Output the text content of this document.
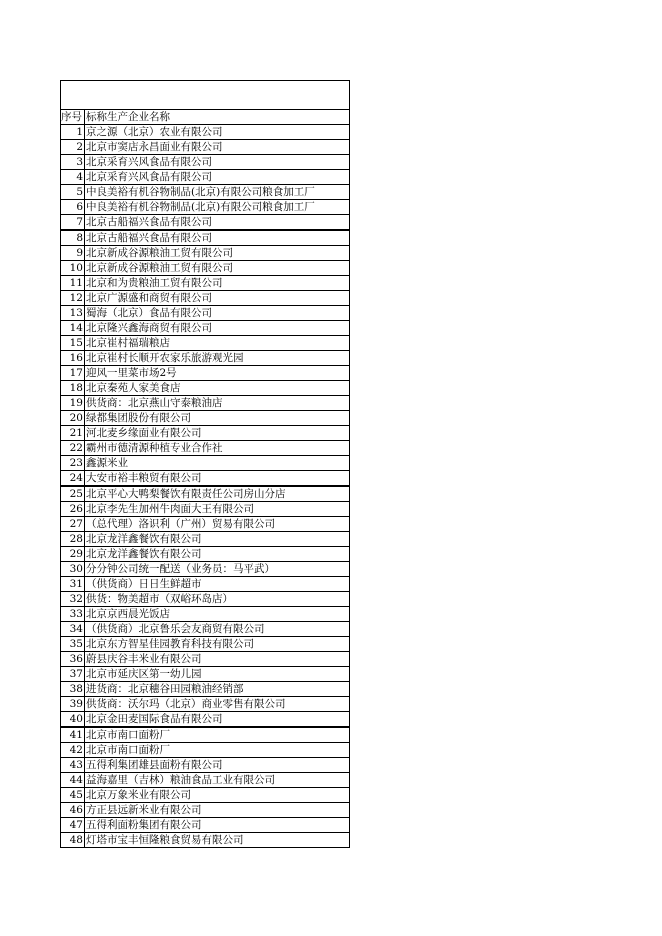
序号	标称生产企业名称
1	京之源（北京）农业有限公司
2	北京市窦店永昌面业有限公司
3	北京采育兴风食品有限公司
4	北京采育兴风食品有限公司
5	中良美裕有机谷物制品(北京)有限公司粮食加工厂
6	中良美裕有机谷物制品(北京)有限公司粮食加工厂
7	北京古船福兴食品有限公司
8	北京古船福兴食品有限公司
9	北京新成谷源粮油工贸有限公司
10	北京新成谷源粮油工贸有限公司
11	北京和为贵粮油工贸有限公司
12	北京广源盛和商贸有限公司
13	蜀海（北京）食品有限公司
14	北京隆兴鑫海商贸有限公司
15	北京崔村福瑞粮店
16	北京崔村长顺开农家乐旅游观光园
17	迎风一里菜市场2号
18	北京秦苑人家美食店
19	供货商：北京燕山守泰粮油店
20	绿都集团股份有限公司
21	河北麦乡缘面业有限公司
22	霸州市德清源种植专业合作社
23	鑫源米业
24	大安市裕丰粮贸有限公司
25	北京平心大鸭梨餐饮有限责任公司房山分店
26	北京李先生加州牛肉面大王有限公司
27	（总代理）洛识利（广州）贸易有限公司
28	北京龙洋鑫餐饮有限公司
29	北京龙洋鑫餐饮有限公司
30	分分钟公司统一配送（业务员：马平武）
31	（供货商）日日生鲜超市
32	供货：物美超市（双峪环岛店）
33	北京京西晨光饭店
34	（供货商）北京鲁乐会友商贸有限公司
35	北京东方智星佳园教育科技有限公司
36	蔚县庆谷丰米业有限公司
37	北京市延庆区第一幼儿园
38	进货商：北京穗谷田园粮油经销部
39	供货商：沃尔玛（北京）商业零售有限公司
40	北京金田麦国际食品有限公司
41	北京市南口面粉厂
42	北京市南口面粉厂
43	五得利集团雄县面粉有限公司
44	益海嘉里（吉林）粮油食品工业有限公司
45	北京万象米业有限公司
46	方正县远新米业有限公司
47	五得利面粉集团有限公司
48	灯塔市宝丰恒隆粮食贸易有限公司
